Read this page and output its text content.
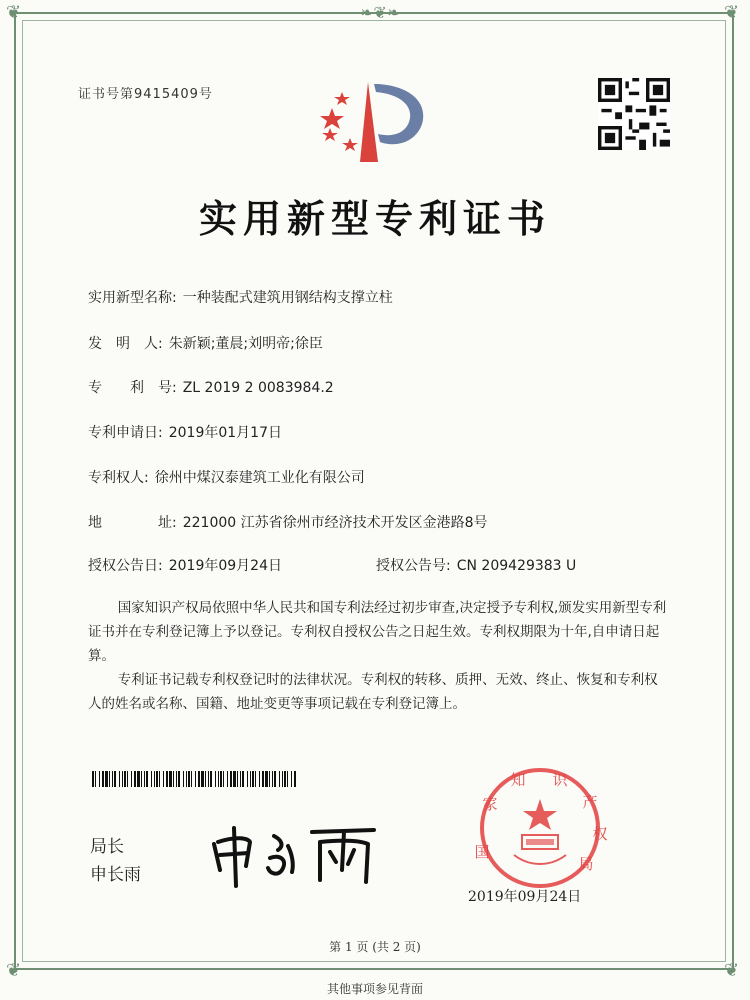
❦	❦
❦	❦
❧❦❧
证书号第9415409号
实用新型专利证书
实用新型名称: 一种装配式建筑用钢结构支撑立柱
发　明　人: 朱新颖;董晨;刘明帝;徐臣
专　　利　号: ZL 2019 2 0083984.2
专利申请日: 2019年01月17日
专利权人: 徐州中煤汉泰建筑工业化有限公司
地　　　　址: 221000 江苏省徐州市经济技术开发区金港路8号
授权公告日: 2019年09月24日	授权公告号: CN 209429383 U
国家知识产权局依照中华人民共和国专利法经过初步审查,决定授予专利权,颁发实用新型专利证书并在专利登记簿上予以登记。专利权自授权公告之日起生效。专利权期限为十年,自申请日起算。
专利证书记载专利权登记时的法律状况。专利权的转移、质押、无效、终止、恢复和专利权人的姓名或名称、国籍、地址变更等事项记载在专利登记簿上。
局长
申长雨
国
家
知 识
产
权
局
2019年09月24日
第 1 页 (共 2 页)
其他事项参见背面
